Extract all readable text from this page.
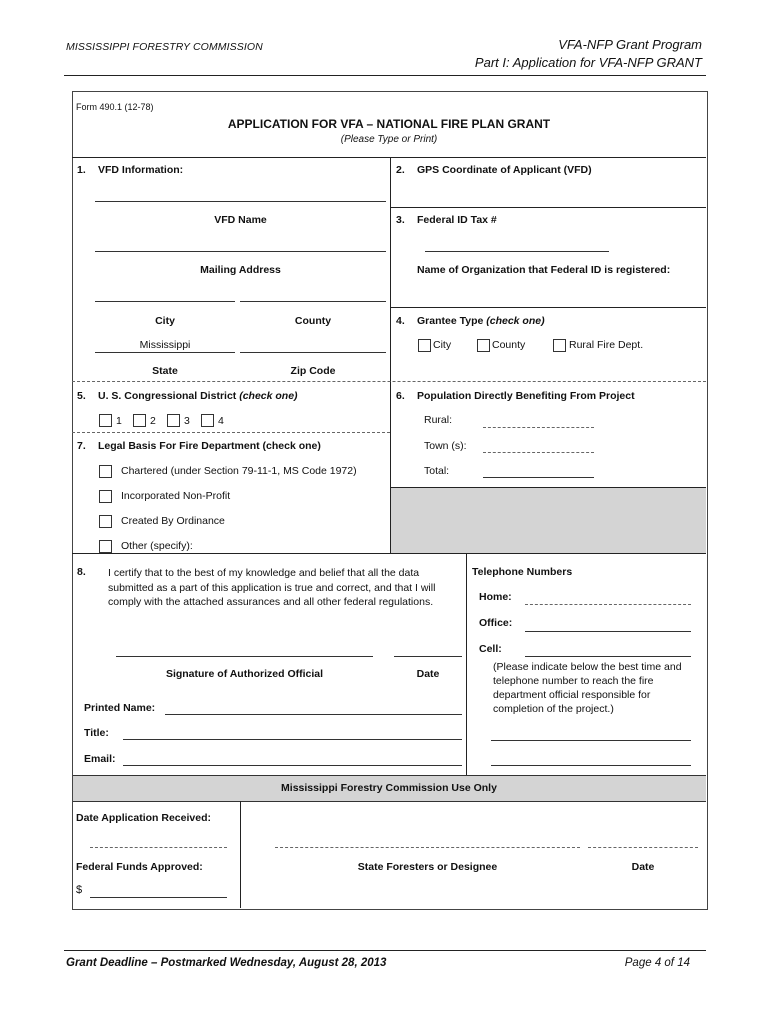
MISSISSIPPI FORESTRY COMMISSION	VFA-NFP Grant Program
Part I: Application for VFA-NFP GRANT
Form 490.1 (12-78)
APPLICATION FOR VFA – NATIONAL FIRE PLAN GRANT
(Please Type or Print)
1. VFD Information:
VFD Name
Mailing Address
City	County
Mississippi
State	Zip Code
2. GPS Coordinate of Applicant (VFD)
3. Federal ID Tax #
Name of Organization that Federal ID is registered:
4. Grantee Type (check one)
City	County	Rural Fire Dept.
5. U. S. Congressional District (check one)
1	2	3	4
6. Population Directly Benefiting From Project
Rural:
Town (s):
Total:
7. Legal Basis For Fire Department (check one)
Chartered (under Section 79-11-1, MS Code 1972)
Incorporated Non-Profit
Created By Ordinance
Other (specify):
8. I certify that to the best of my knowledge and belief that all the data
submitted as a part of this application is true and correct, and that I will
comply with the attached assurances and all other federal regulations.
Signature of Authorized Official	Date
Printed Name:
Title:
Email:
Telephone Numbers
Home:
Office:
Cell:
(Please indicate below the best time and
telephone number to reach the fire
department official responsible for
completion of the project.)
Mississippi Forestry Commission Use Only
Date Application Received:
Federal Funds Approved:
$
State Foresters or Designee	Date
Grant Deadline – Postmarked Wednesday, August 28, 2013	Page 4 of 14
